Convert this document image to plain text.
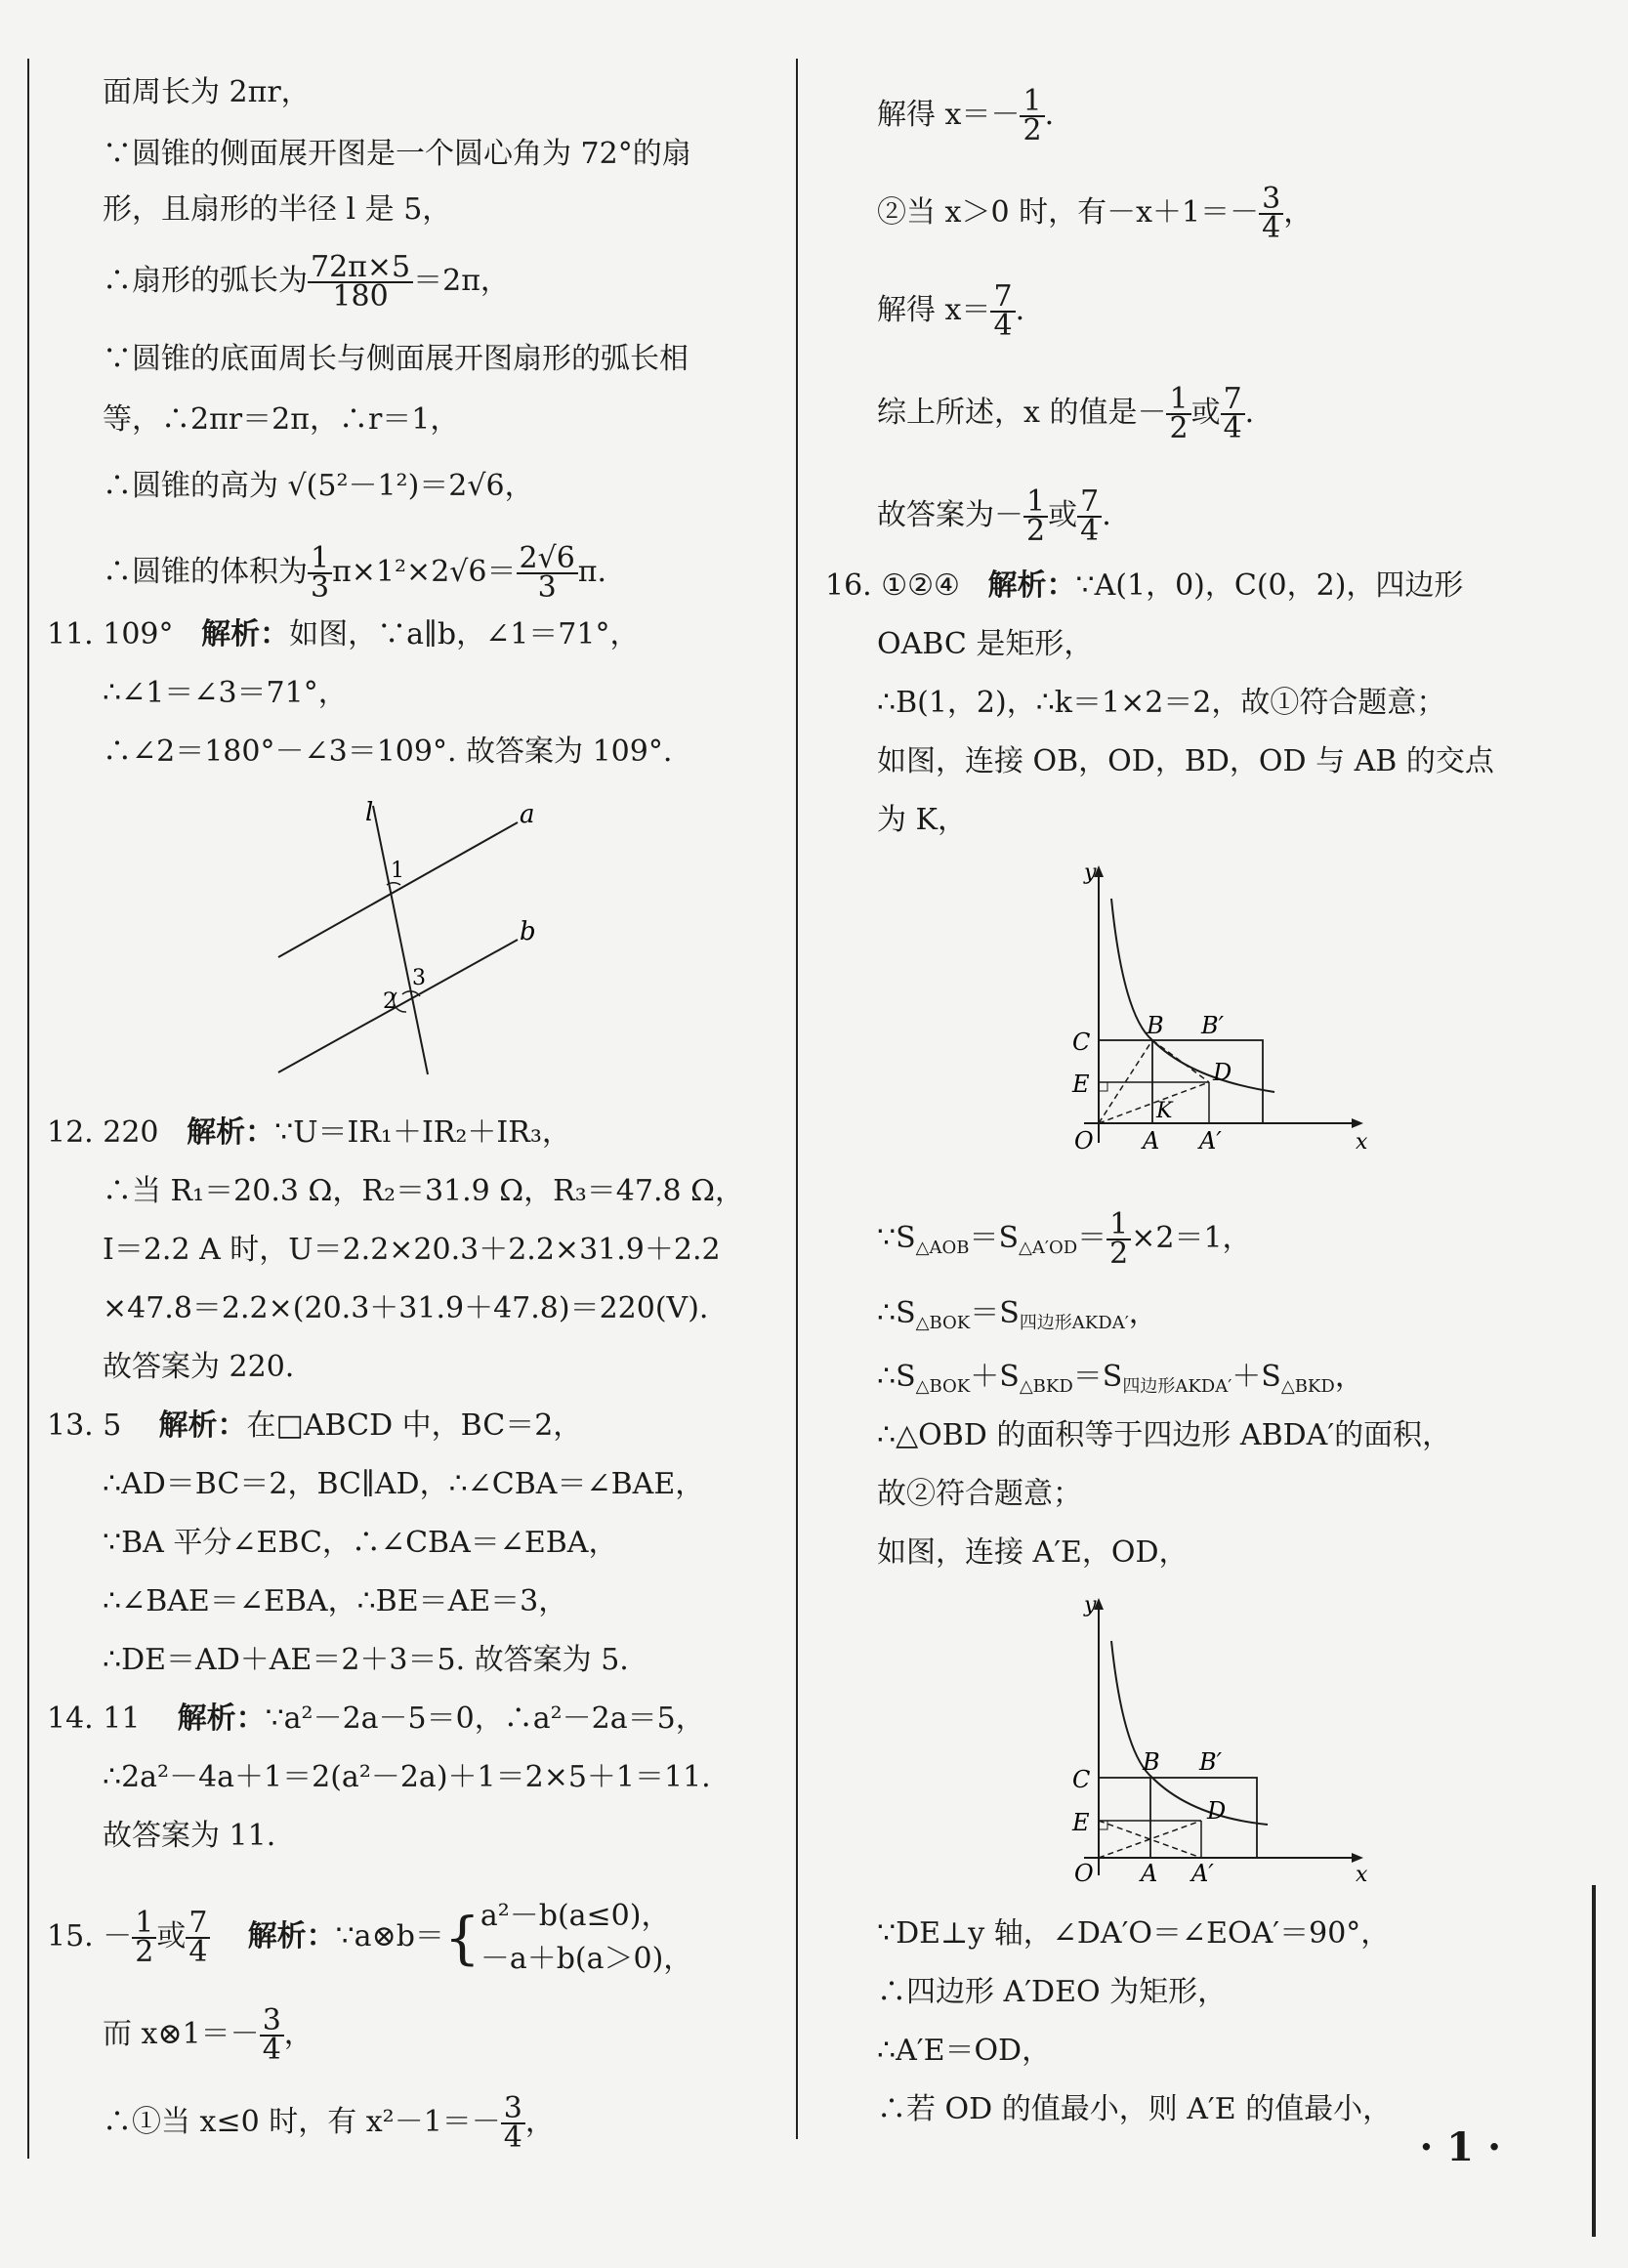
面周长为 2πr，
∵圆锥的侧面展开图是一个圆心角为 72°的扇
形，且扇形的半径 l 是 5，
∴扇形的弧长为 $\frac{72\pi\times 5}{180} =2\pi$，
∵圆锥的底面周长与侧面展开图扇形的弧长相
等，∴2πr＝2π，∴r＝1，
∴圆锥的高为 √(5²－1²)＝2√6，
∴圆锥的体积为 $\frac{1}{3} \pi\times 1^2\times 2√6= \frac{2√6}{3} \pi$.
11. 109° 解析：如图，∵a∥b，∠1＝71°，
∴∠1＝∠3＝71°，
∴∠2＝180°－∠3＝109°. 故答案为 109°.
12. 220 解析：∵U＝IR₁＋IR₂＋IR₃，
∴当 R₁＝20.3 Ω，R₂＝31.9 Ω，R₃＝47.8 Ω，
I＝2.2 A 时，U＝2.2×20.3＋2.2×31.9＋2.2
×47.8＝2.2×(20.3＋31.9＋47.8)＝220(V).
故答案为 220.
13. 5 解析：在□ABCD 中，BC＝2，
∴AD＝BC＝2，BC∥AD，∴∠CBA＝∠BAE，
∵BA 平分∠EBC，∴∠CBA＝∠EBA，
∴∠BAE＝∠EBA，∴BE＝AE＝3，
∴DE＝AD＋AE＝2＋3＝5. 故答案为 5.
14. 11 解析：∵a²－2a－5＝0，∴a²－2a＝5，
∴2a²－4a＋1＝2(a²－2a)＋1＝2×5＋1＝11.
故答案为 11.
15. － $\frac{1}{2}$ 或 $\frac{7}{4}$ 解析：∵a⊗b＝{ a²－b(a≤0)，
－a＋b(a＞0)，
而 x⊗1＝－ $\frac{3}{4}$ ，
∴①当 x≤0 时，有 $x^2-1=- \frac{3}{4}$ ，
l	a
b
1
2
3
解得 $x=- \frac{1}{2}$ .
②当 x＞0 时，有$-x+1=- \frac{3}{4}$ ，
解得 $x= \frac{7}{4}$ .
综上所述，x 的值是－ $\frac{1}{2}$ 或 $\frac{7}{4}$ .
故答案为－ $\frac{1}{2}$ 或 $\frac{7}{4}$ .
16. ①②④ 解析：∵A(1，0)，C(0，2)，四边形
OABC 是矩形，
∴B(1，2)，∴k＝1×2＝2，故①符合题意；
如图，连接 OB，OD，BD，OD 与 AB 的交点
为 K，
$\because S_{\triangle AOB}=S_{\triangle A'OD}= \frac{1}{2} \times 2=1$，
$\therefore S_{\triangle BOK}=S_{四边形AKDA'}$，
$\therefore S_{\triangle BOK}+S_{\triangle BKD}=S_{四边形AKDA'}+S_{\triangle BKD}$，
∴△OBD 的面积等于四边形 ABDA′的面积，
故②符合题意；
如图，连接 A′E，OD，
∵DE⊥y 轴，∠DA′O＝∠EOA′＝90°，
∴四边形 A′DEO 为矩形，
∴A′E＝OD，
∴若 OD 的值最小，则 A′E 的值最小，
y
x
O A A′
B B′
C
D
E
K
y
x
O A A′
B B′
C
D
E
· 1 ·
